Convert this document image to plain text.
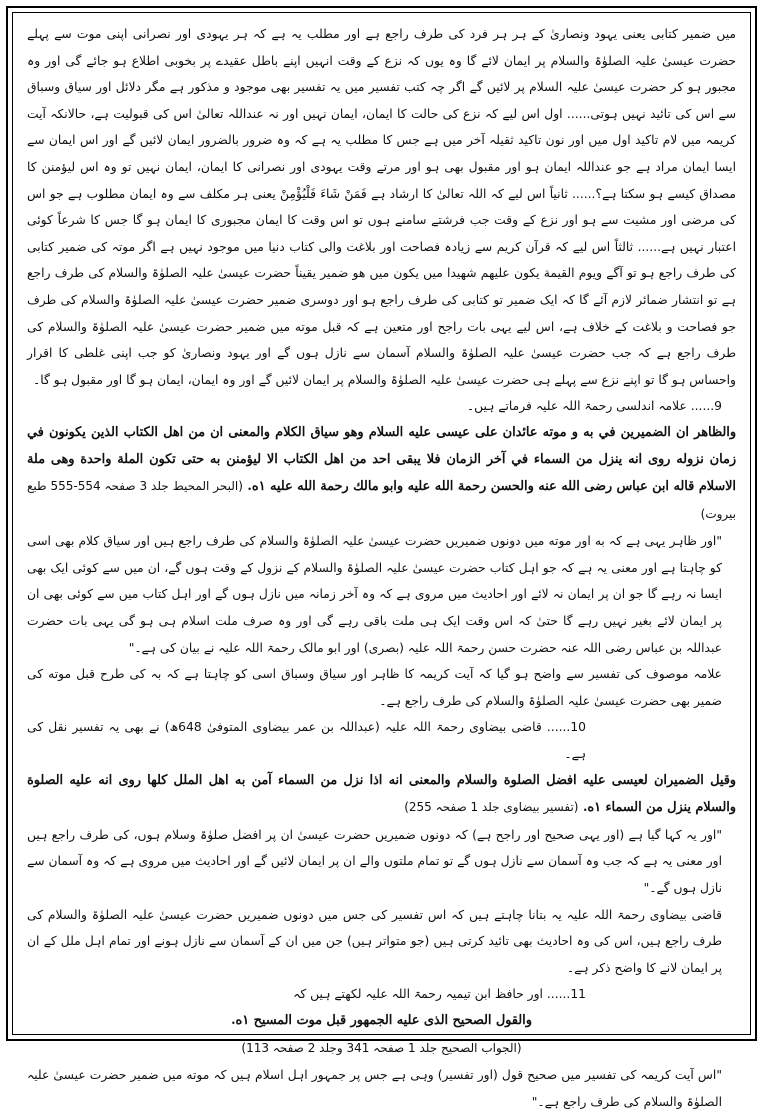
میں ضمیر کتابی یعنی یہود ونصاریٰ کے ہر ہر فرد کی طرف راجع ہے اور مطلب یہ ہے کہ ہر یہودی اور نصرانی اپنی موت سے پہلے حضرت عیسیٰ علیہ الصلوٰۃ والسلام پر ایمان لائے گا وہ یوں کہ نزع کے وقت انہیں اپنے باطل عقیدے پر بخوبی اطلاع ہو جائے گی اور وہ مجبور ہو کر حضرت عیسیٰ علیہ السلام پر لائیں گے اگر چہ کتب تفسیر میں یہ تفسیر بھی موجود و مذکور ہے مگر دلائل اور سیاق وسباق سے اس کی تائید نہیں ہوتی...... اول اس لیے کہ نزع کی حالت کا ایمان، ایمان نہیں اور نہ عنداللہ تعالیٰ اس کی قبولیت ہے، حالانکہ آیت کریمہ میں لام تاکید اول میں اور نون تاکید ثقیلہ آخر میں ہے جس کا مطلب یہ ہے کہ وہ ضرور بالضرور ایمان لائیں گے اور اس ایمان سے ایسا ایمان مراد ہے جو عنداللہ ایمان ہو اور مقبول بھی ہو اور مرتے وقت یہودی اور نصرانی کا ایمان، ایمان نہیں تو وہ اس لیؤمنن کا مصداق کیسے ہو سکتا ہے؟...... ثانیاً اس لیے کہ اللہ تعالیٰ کا ارشاد ہے فَمَنْ شَاءَ فَلْيُؤْمِنْ یعنی ہر مکلف سے وہ ایمان مطلوب ہے جو اس کی مرضی اور مشیت سے ہو اور نزع کے وقت جب فرشتے سامنے ہوں تو اس وقت کا ایمان مجبوری کا ایمان ہو گا جس کا شرعاً کوئی اعتبار نہیں ہے...... ثالثاً اس لیے کہ قرآن کریم سے زیادہ فصاحت اور بلاغت والی کتاب دنیا میں موجود نہیں ہے اگر موتہ کی ضمیر کتابی کی طرف راجع ہو تو آگے ويوم القيمة يكون عليهم شهيدا میں یکون میں ھو ضمیر یقیناً حضرت عیسیٰ علیہ الصلوٰۃ والسلام کی طرف راجع ہے تو انتشار ضمائر لازم آئے گا کہ ایک ضمیر تو کتابی کی طرف راجع ہو اور دوسری ضمیر حضرت عیسیٰ علیہ الصلوٰۃ والسلام کی طرف جو فصاحت و بلاغت کے خلاف ہے، اس لیے یہی بات راجح اور متعین ہے کہ قبل موته میں ضمیر حضرت عیسیٰ علیہ الصلوٰۃ والسلام کی طرف راجع ہے کہ جب حضرت عیسیٰ علیہ الصلوٰۃ والسلام آسمان سے نازل ہوں گے اور یہود ونصاریٰ کو جب اپنی غلطی کا اقرار واحساس ہو گا تو اپنے نزع سے پہلے ہی حضرت عیسیٰ علیہ الصلوٰۃ والسلام پر ایمان لائیں گے اور وہ ایمان، ایمان ہو گا اور مقبول ہو گا۔

9...... علامہ اندلسی رحمۃ اللہ علیہ فرماتے ہیں۔

والظاهر ان الضميرين في به و موته عائدان على عيسى عليه السلام وهو سياق الكلام والمعنى ان من اهل الكتاب الذين يكونون في زمان نزوله روى انه ينزل من السماء في آخر الزمان فلا يبقى احد من اهل الكتاب الا ليؤمنن به حتى تكون الملة واحدة وهى ملة الاسلام قاله ابن عباس رضى الله عنه والحسن رحمة الله عليه وابو مالك رحمة الله عليه ١ه. (البحر المحیط جلد 3 صفحہ 554-555 طبع بیروت)

"اور ظاہر یہی ہے کہ به اور موته میں دونوں ضمیریں حضرت عیسیٰ علیہ الصلوٰۃ والسلام کی طرف راجع ہیں اور سیاق کلام بھی اسی کو چاہتا ہے اور معنی یہ ہے کہ جو اہل کتاب حضرت عیسیٰ علیہ الصلوٰۃ والسلام کے نزول کے وقت ہوں گے، ان میں سے کوئی ایک بھی ایسا نہ رہے گا جو ان پر ایمان نہ لائے اور احادیث میں مروی ہے کہ وہ آخر زمانہ میں نازل ہوں گے اور اہل کتاب میں سے کوئی بھی ان پر ایمان لائے بغیر نہیں رہے گا حتیٰ کہ اس وقت ایک ہی ملت باقی رہے گی اور وہ صرف ملت اسلام ہی ہو گی یہی بات حضرت عبداللہ بن عباس رضی اللہ عنہ حضرت حسن رحمۃ اللہ علیہ (بصری) اور ابو مالک رحمۃ اللہ علیہ نے بیان کی ہے۔"

علامہ موصوف کی تفسیر سے واضح ہو گیا کہ آیت کریمہ کا ظاہر اور سیاق وسباق اسی کو چاہتا ہے کہ بہ کی طرح قبل موته کی ضمیر بھی حضرت عیسیٰ علیہ الصلوٰۃ والسلام کی طرف راجع ہے۔

10...... قاضی بیضاوی رحمۃ اللہ علیہ (عبداللہ بن عمر بیضاوی المتوفیٰ 648ھ) نے بھی یہ تفسیر نقل کی ہے۔

وقيل الضميران لعيسى عليه افضل الصلوة والسلام والمعنى انه اذا نزل من السماء آمن به اهل الملل كلها روى انه عليه الصلوة والسلام ينزل من السماء ١ه. (تفسیر بیضاوی جلد 1 صفحہ 255)

"اور یہ کہا گیا ہے (اور یہی صحیح اور راجح ہے) کہ دونوں ضمیریں حضرت عیسیٰ ان پر افضل صلوٰۃ وسلام ہوں، کی طرف راجع ہیں اور معنی یہ ہے کہ جب وہ آسمان سے نازل ہوں گے تو تمام ملتوں والے ان پر ایمان لائیں گے اور احادیث میں مروی ہے کہ وہ آسمان سے نازل ہوں گے۔"

قاضی بیضاوی رحمۃ اللہ علیہ یہ بتانا چاہتے ہیں کہ اس تفسیر کی جس میں دونوں ضمیریں حضرت عیسیٰ علیہ الصلوٰۃ والسلام کی طرف راجع ہیں، اس کی وہ احادیث بھی تائید کرتی ہیں (جو متواتر ہیں) جن میں ان کے آسمان سے نازل ہونے اور تمام اہل ملل کے ان پر ایمان لانے کا واضح ذکر ہے۔

11...... اور حافظ ابن تیمیہ رحمۃ اللہ علیہ لکھتے ہیں کہ

والقول الصحيح الذى عليه الجمهور قبل موت المسيح ١ه.
(الجواب الصحیح جلد 1 صفحہ 341 وجلد 2 صفحہ 113)

"اس آیت کریمہ کی تفسیر میں صحیح قول (اور تفسیر) وہی ہے جس پر جمہور اہل اسلام ہیں کہ موته میں ضمیر حضرت عیسیٰ علیہ الصلوٰۃ والسلام کی طرف راجع ہے۔"
